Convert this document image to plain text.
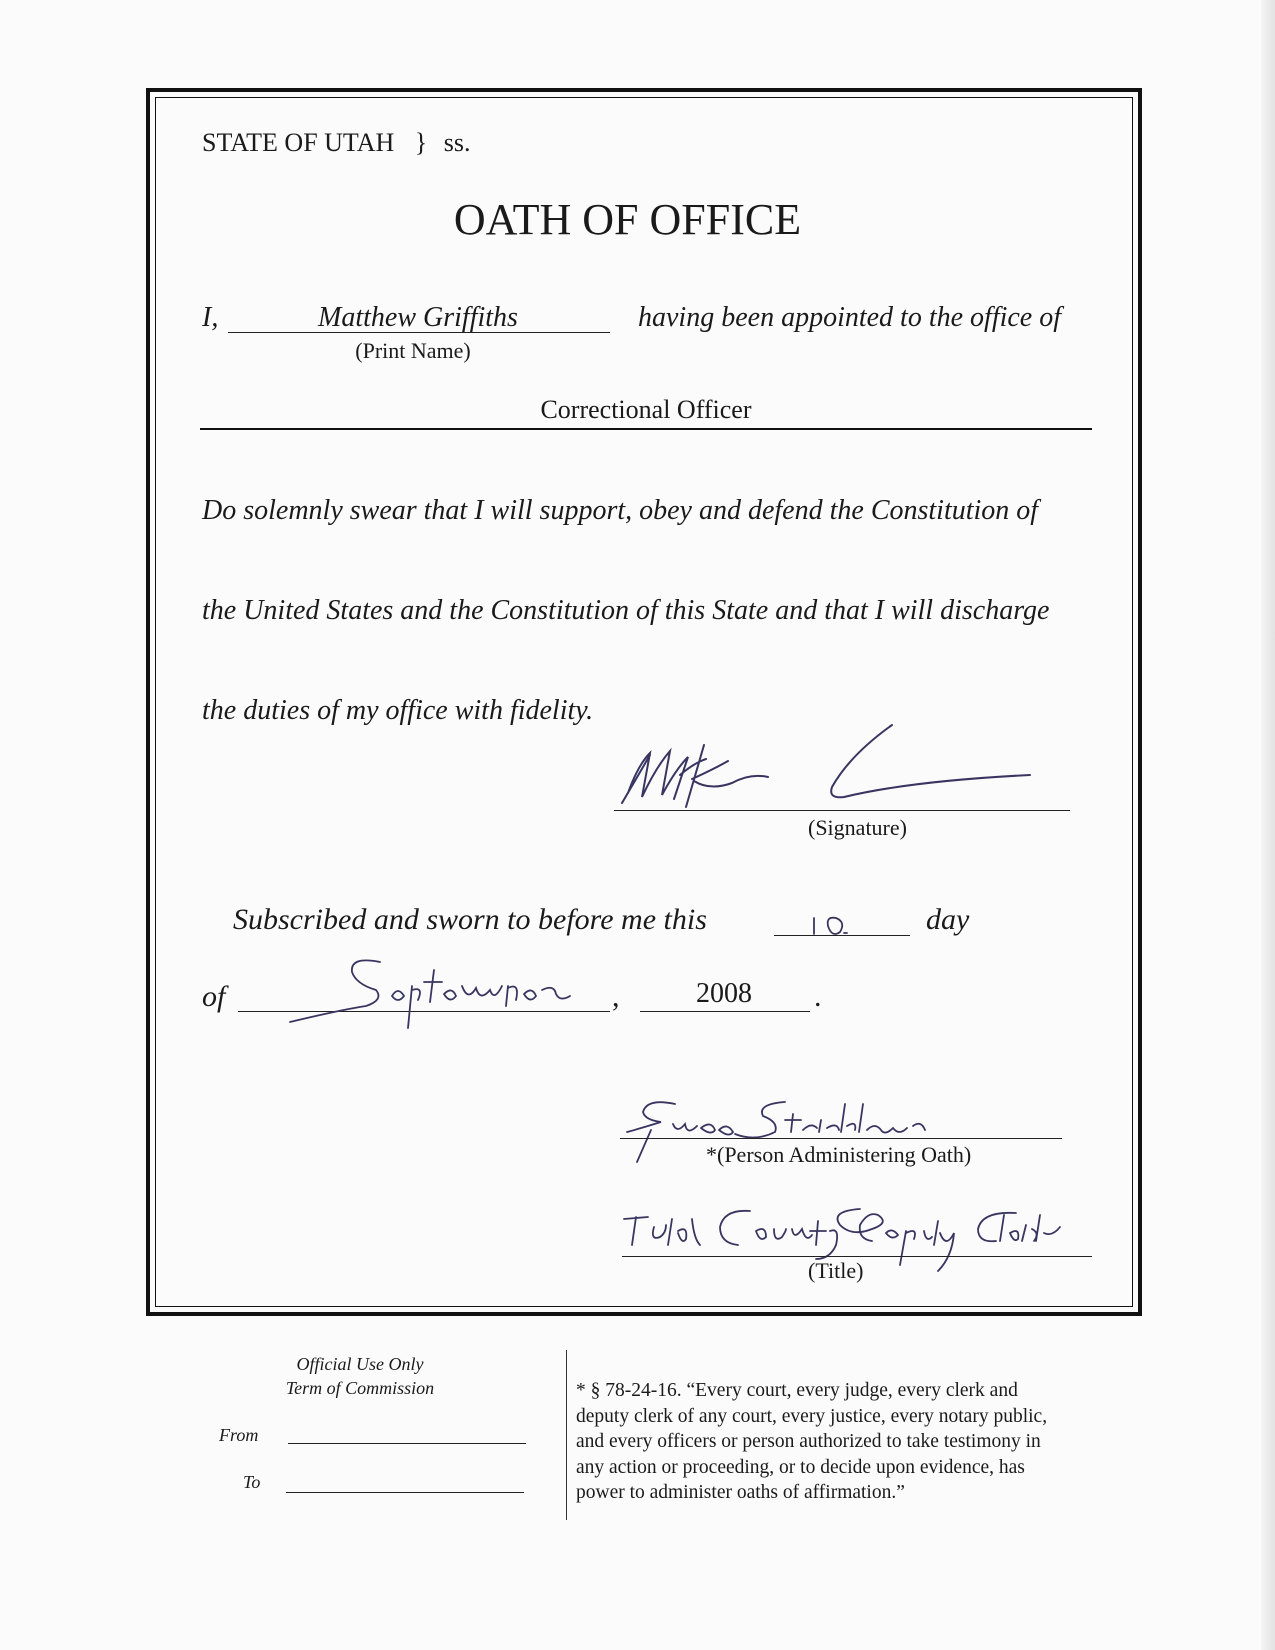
STATE OF UTAH } ss.
OATH OF OFFICE
I,	Matthew Griffiths
(Print Name)
having been appointed to the office of
Correctional Officer
Do solemnly swear that I will support, obey and defend the Constitution of
the United States and the Constitution of this State and that I will discharge
the duties of my office with fidelity.
(Signature)
Subscribed and sworn to before me this	day
of	,	2008	.
*(Person Administering Oath)
(Title)
Official Use Only
Term of Commission
From
To
* § 78-24-16. “Every court, every judge, every clerk and
deputy clerk of any court, every justice, every notary public,
and every officers or person authorized to take testimony in
any action or proceeding, or to decide upon evidence, has
power to administer oaths of affirmation.”
